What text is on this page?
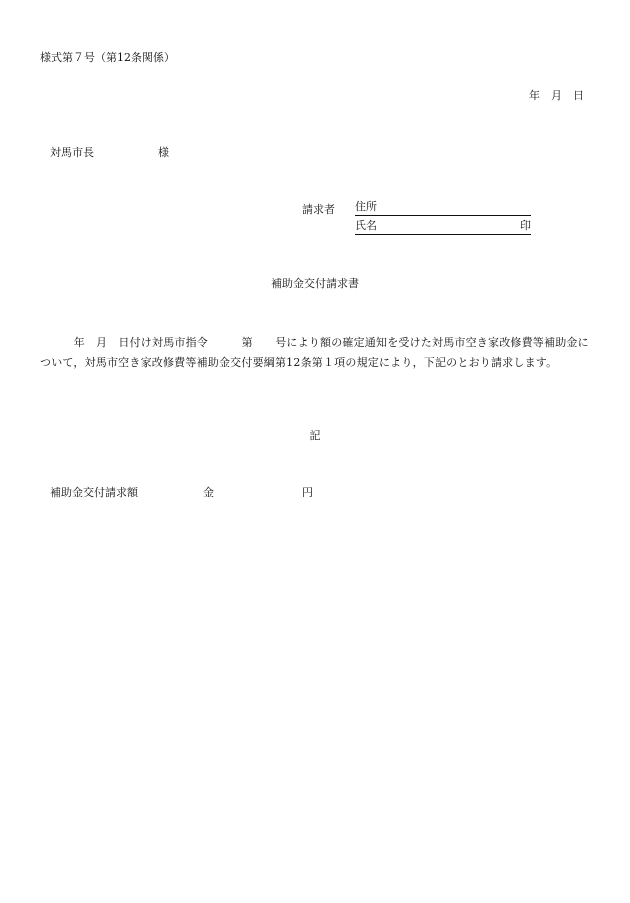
様式第７号（第12条関係）
年　月　日
対馬市長	様
請求者 住所
氏名	印
補助金交付請求書
　　　年　月　日付け対馬市指令　　　第　　号により額の確定通知を受けた対馬市空き家改修費等補助金に
ついて，対馬市空き家改修費等補助金交付要綱第12条第１項の規定により，下記のとおり請求します。
記
補助金交付請求額	金	円
